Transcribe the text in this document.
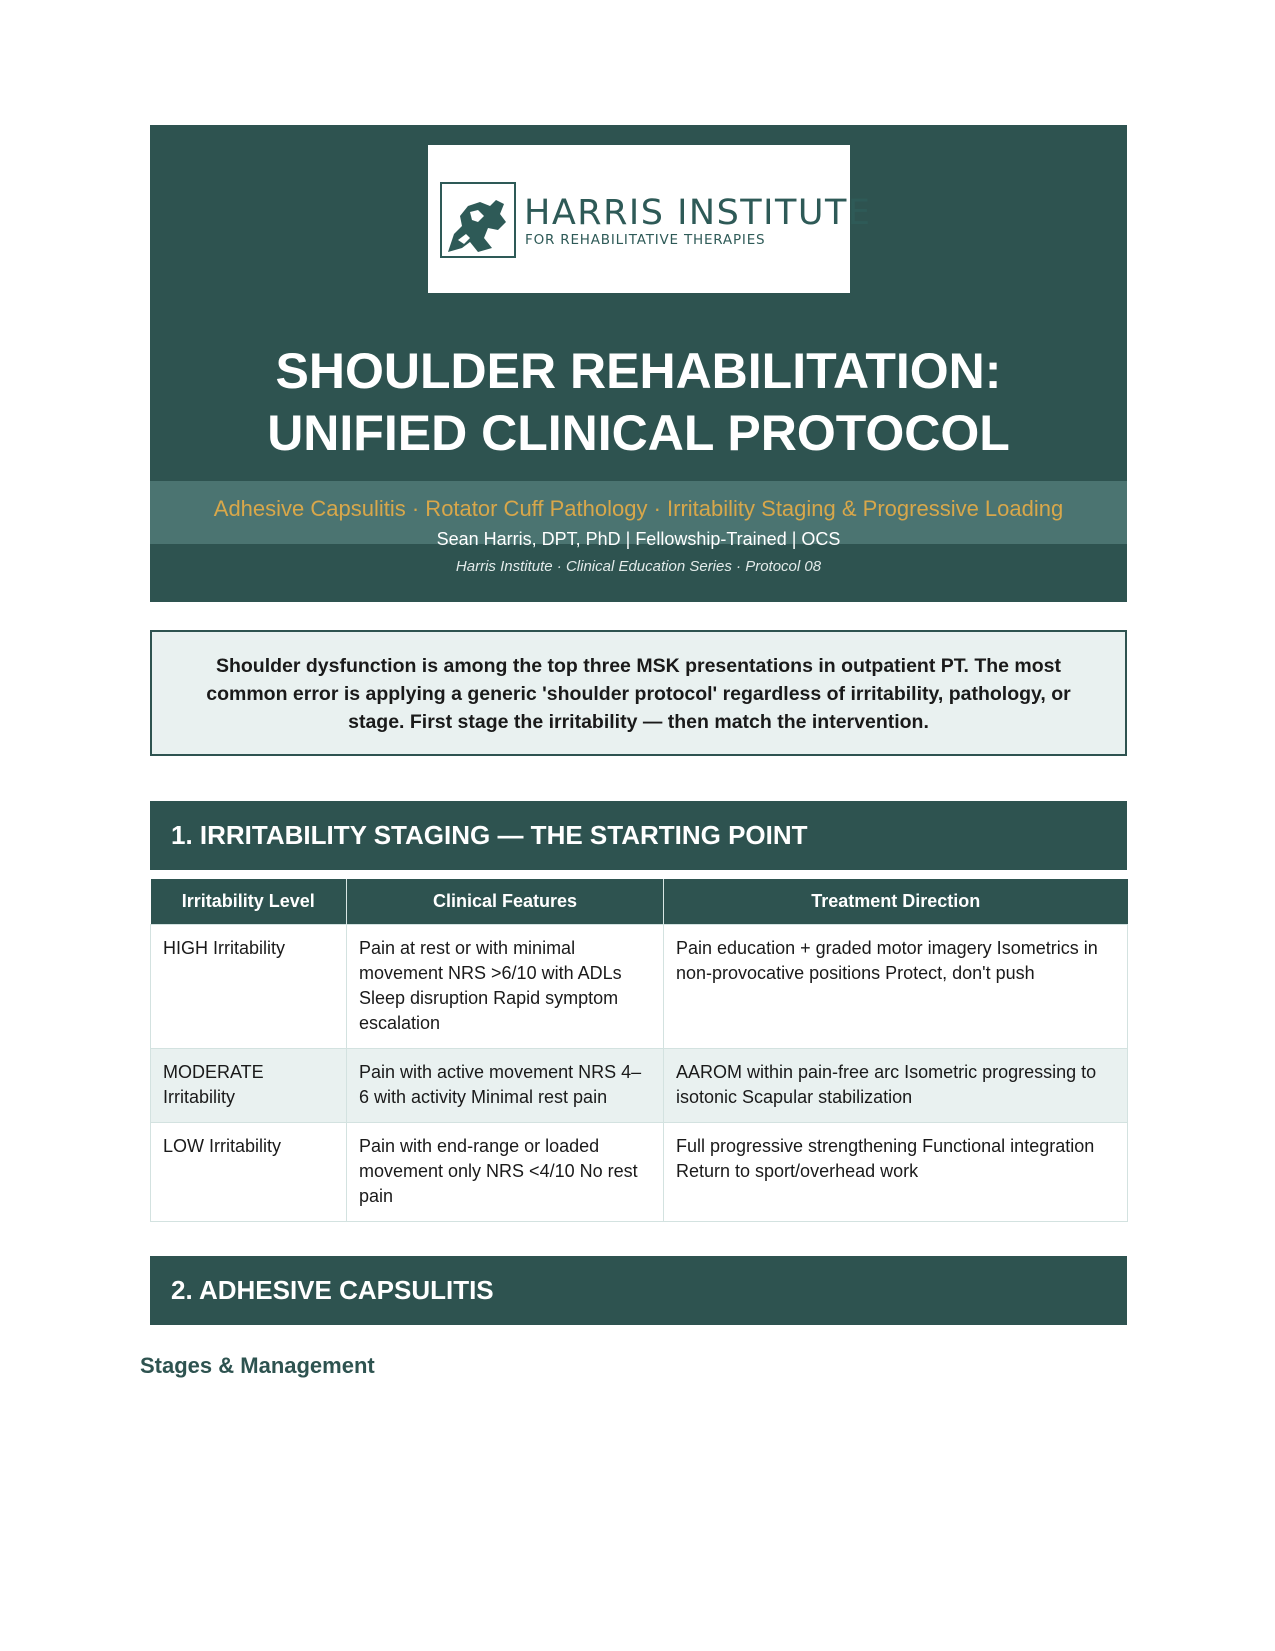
HARRIS INSTITUTE
FOR REHABILITATIVE THERAPIES
SHOULDER REHABILITATION:
UNIFIED CLINICAL PROTOCOL
Adhesive Capsulitis · Rotator Cuff Pathology · Irritability Staging & Progressive Loading
Sean Harris, DPT, PhD | Fellowship-Trained | OCS
Harris Institute · Clinical Education Series · Protocol 08
Shoulder dysfunction is among the top three MSK presentations in outpatient PT. The most common error is applying a generic 'shoulder protocol' regardless of irritability, pathology, or stage. First stage the irritability — then match the intervention.
1. IRRITABILITY STAGING — THE STARTING POINT
Irritability Level	Clinical Features	Treatment Direction
HIGH Irritability	Pain at rest or with minimal movement NRS >6/10 with ADLs Sleep disruption Rapid symptom escalation	Pain education + graded motor imagery Isometrics in non-provocative positions Protect, don't push
MODERATE Irritability	Pain with active movement NRS 4–6 with activity Minimal rest pain	AAROM within pain-free arc Isometric progressing to isotonic Scapular stabilization
LOW Irritability	Pain with end-range or loaded movement only NRS <4/10 No rest pain	Full progressive strengthening Functional integration Return to sport/overhead work
2. ADHESIVE CAPSULITIS
Stages & Management
